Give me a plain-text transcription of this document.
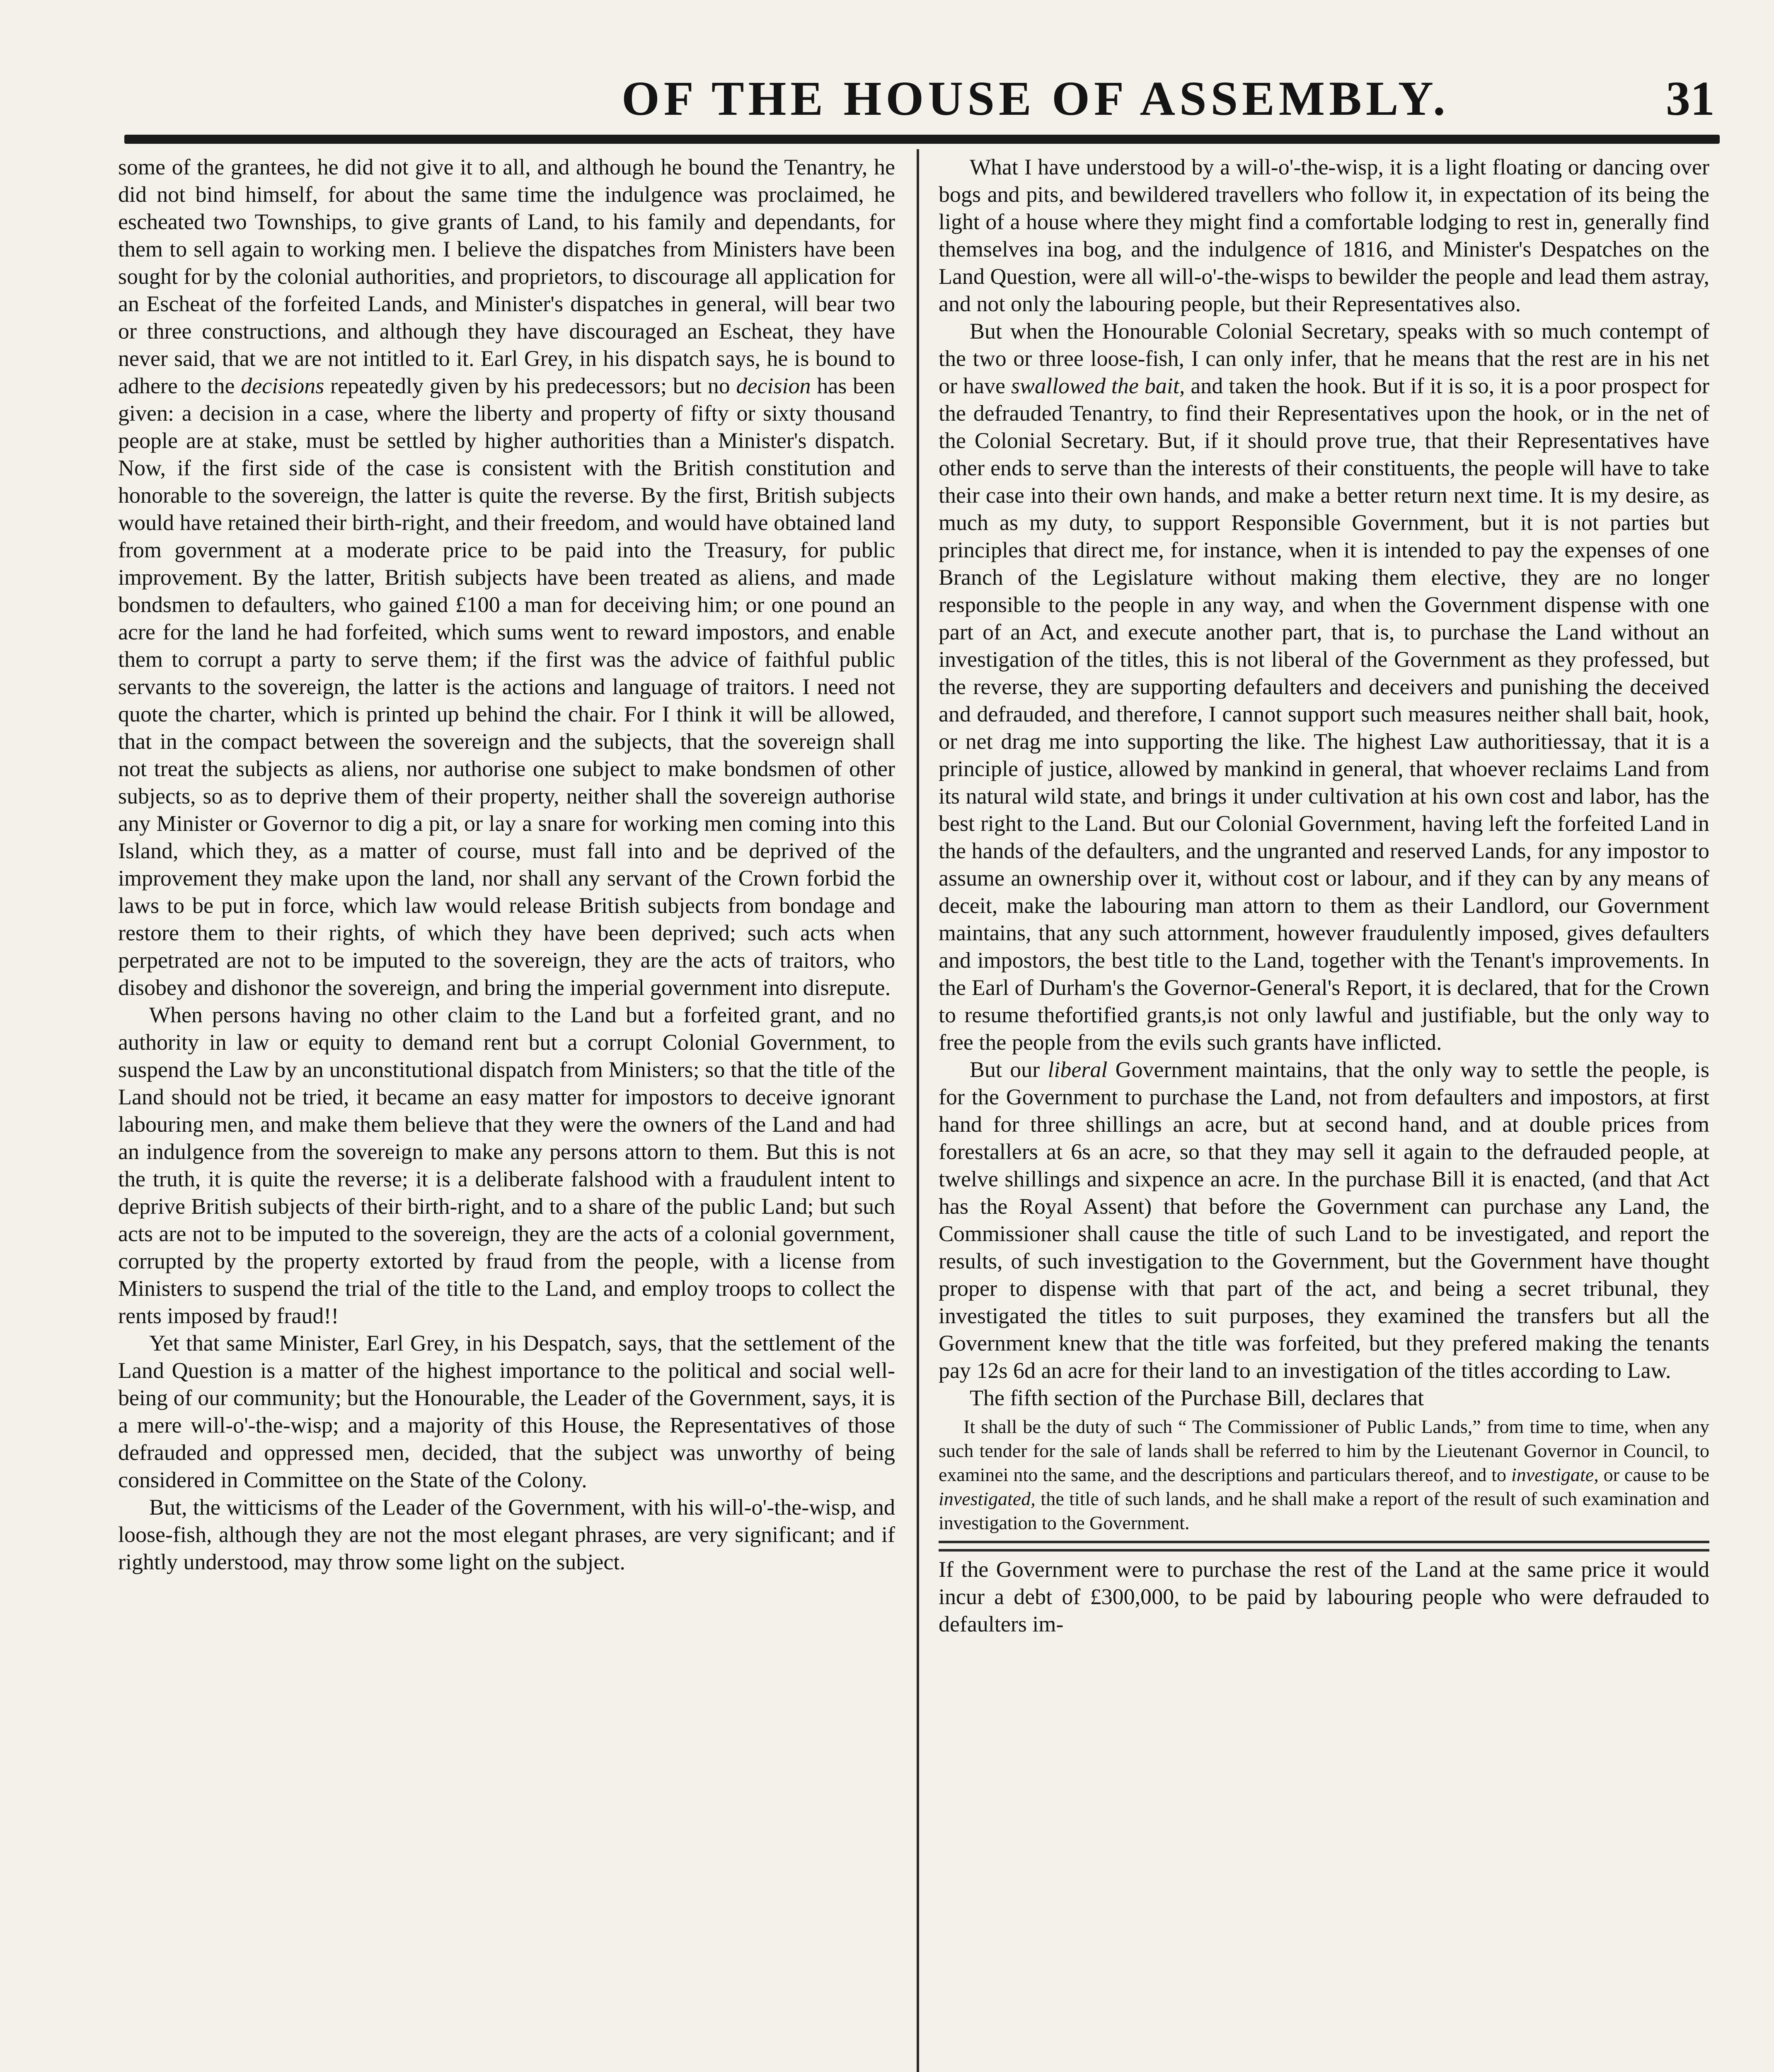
OF THE HOUSE OF ASSEMBLY.	31

some of the grantees, he did not give it to all, and although he bound the Tenantry, he did not bind himself, for about the same time the indulgence was proclaimed, he escheated two Townships, to give grants of Land, to his family and dependants, for them to sell again to working men. I believe the dispatches from Ministers have been sought for by the colonial authorities, and proprietors, to discourage all application for an Escheat of the forfeited Lands, and Minister's dispatches in general, will bear two or three constructions, and although they have discouraged an Escheat, they have never said, that we are not intitled to it. Earl Grey, in his dispatch says, he is bound to adhere to the decisions repeatedly given by his predecessors; but no decision has been given: a decision in a case, where the liberty and property of fifty or sixty thousand people are at stake, must be settled by higher authorities than a Minister's dispatch. Now, if the first side of the case is consistent with the British constitution and honorable to the sovereign, the latter is quite the reverse. By the first, British subjects would have retained their birth-right, and their freedom, and would have obtained land from government at a moderate price to be paid into the Treasury, for public improvement. By the latter, British subjects have been treated as aliens, and made bondsmen to defaulters, who gained £100 a man for deceiving him; or one pound an acre for the land he had forfeited, which sums went to reward impostors, and enable them to corrupt a party to serve them; if the first was the advice of faithful public servants to the sovereign, the latter is the actions and language of traitors. I need not quote the charter, which is printed up behind the chair. For I think it will be allowed, that in the compact between the sovereign and the subjects, that the sovereign shall not treat the subjects as aliens, nor authorise one subject to make bondsmen of other subjects, so as to deprive them of their property, neither shall the sovereign authorise any Minister or Governor to dig a pit, or lay a snare for working men coming into this Island, which they, as a matter of course, must fall into and be deprived of the improvement they make upon the land, nor shall any servant of the Crown forbid the laws to be put in force, which law would release British subjects from bondage and restore them to their rights, of which they have been deprived; such acts when perpetrated are not to be imputed to the sovereign, they are the acts of traitors, who disobey and dishonor the sovereign, and bring the imperial government into disrepute.

When persons having no other claim to the Land but a forfeited grant, and no authority in law or equity to demand rent but a corrupt Colonial Government, to suspend the Law by an unconstitutional dispatch from Ministers; so that the title of the Land should not be tried, it became an easy matter for impostors to deceive ignorant labouring men, and make them believe that they were the owners of the Land and had an indulgence from the sovereign to make any persons attorn to them. But this is not the truth, it is quite the reverse; it is a deliberate falshood with a fraudulent intent to deprive British subjects of their birth-right, and to a share of the public Land; but such acts are not to be imputed to the sovereign, they are the acts of a colonial government, corrupted by the property extorted by fraud from the people, with a license from Ministers to suspend the trial of the title to the Land, and employ troops to collect the rents imposed by fraud!!

Yet that same Minister, Earl Grey, in his Despatch, says, that the settlement of the Land Question is a matter of the highest importance to the political and social well-being of our community; but the Honourable, the Leader of the Government, says, it is a mere will-o'-the-wisp; and a majority of this House, the Representatives of those defrauded and oppressed men, decided, that the subject was unworthy of being considered in Committee on the State of the Colony.

But, the witticisms of the Leader of the Government, with his will-o'-the-wisp, and loose-fish, although they are not the most elegant phrases, are very significant; and if rightly understood, may throw some light on the subject.

What I have understood by a will-o'-the-wisp, it is a light floating or dancing over bogs and pits, and bewildered travellers who follow it, in expectation of its being the light of a house where they might find a comfortable lodging to rest in, generally find themselves ina bog, and the indulgence of 1816, and Minister's Despatches on the Land Question, were all will-o'-the-wisps to bewilder the people and lead them astray, and not only the labouring people, but their Representatives also.

But when the Honourable Colonial Secretary, speaks with so much contempt of the two or three loose-fish, I can only infer, that he means that the rest are in his net or have swallowed the bait, and taken the hook. But if it is so, it is a poor prospect for the defrauded Tenantry, to find their Representatives upon the hook, or in the net of the Colonial Secretary. But, if it should prove true, that their Representatives have other ends to serve than the interests of their constituents, the people will have to take their case into their own hands, and make a better return next time. It is my desire, as much as my duty, to support Responsible Government, but it is not parties but principles that direct me, for instance, when it is intended to pay the expenses of one Branch of the Legislature without making them elective, they are no longer responsible to the people in any way, and when the Government dispense with one part of an Act, and execute another part, that is, to purchase the Land without an investigation of the titles, this is not liberal of the Government as they professed, but the reverse, they are supporting defaulters and deceivers and punishing the deceived and defrauded, and therefore, I cannot support such measures neither shall bait, hook, or net drag me into supporting the like. The highest Law authoritiessay, that it is a principle of justice, allowed by mankind in general, that whoever reclaims Land from its natural wild state, and brings it under cultivation at his own cost and labor, has the best right to the Land. But our Colonial Government, having left the forfeited Land in the hands of the defaulters, and the ungranted and reserved Lands, for any impostor to assume an ownership over it, without cost or labour, and if they can by any means of deceit, make the labouring man attorn to them as their Landlord, our Government maintains, that any such attornment, however fraudulently imposed, gives defaulters and impostors, the best title to the Land, together with the Tenant's improvements. In the Earl of Durham's the Governor-General's Report, it is declared, that for the Crown to resume thefortified grants,is not only lawful and justifiable, but the only way to free the people from the evils such grants have inflicted.

But our liberal Government maintains, that the only way to settle the people, is for the Government to purchase the Land, not from defaulters and impostors, at first hand for three shillings an acre, but at second hand, and at double prices from forestallers at 6s an acre, so that they may sell it again to the defrauded people, at twelve shillings and sixpence an acre. In the purchase Bill it is enacted, (and that Act has the Royal Assent) that before the Government can purchase any Land, the Commissioner shall cause the title of such Land to be investigated, and report the results, of such investigation to the Government, but the Government have thought proper to dispense with that part of the act, and being a secret tribunal, they investigated the titles to suit purposes, they examined the transfers but all the Government knew that the title was forfeited, but they prefered making the tenants pay 12s 6d an acre for their land to an investigation of the titles according to Law.

The fifth section of the Purchase Bill, declares that

It shall be the duty of such “ The Commissioner of Public Lands,” from time to time, when any such tender for the sale of lands shall be referred to him by the Lieutenant Governor in Council, to examinei nto the same, and the descriptions and particulars thereof, and to investigate, or cause to be investigated, the title of such lands, and he shall make a report of the result of such examination and investigation to the Government.

If the Government were to purchase the rest of the Land at the same price it would incur a debt of £300,000, to be paid by labouring people who were defrauded to defaulters im-
